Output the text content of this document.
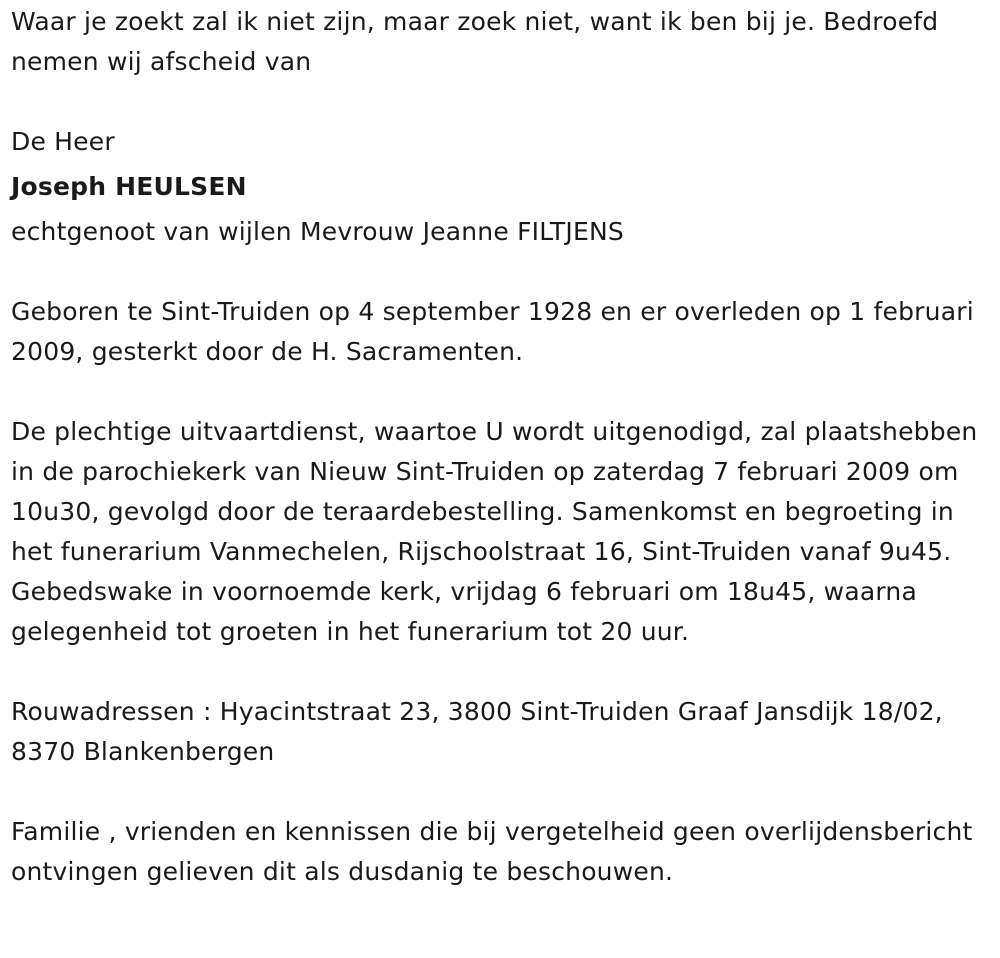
Waar je zoekt zal ik niet zijn, maar zoek niet, want ik ben bij je. Bedroefd nemen wij afscheid van

De Heer

Joseph HEULSEN

echtgenoot van wijlen Mevrouw Jeanne FILTJENS

Geboren te Sint-Truiden op 4 september 1928 en er overleden op 1 februari 2009, gesterkt door de H. Sacramenten.

De plechtige uitvaartdienst, waartoe U wordt uitgenodigd, zal plaatshebben in de parochiekerk van Nieuw Sint-Truiden op zaterdag 7 februari 2009 om 10u30, gevolgd door de teraardebestelling. Samenkomst en begroeting in het funerarium Vanmechelen, Rijschoolstraat 16, Sint-Truiden vanaf 9u45. Gebedswake in voornoemde kerk, vrijdag 6 februari om 18u45, waarna gelegenheid tot groeten in het funerarium tot 20 uur.

Rouwadressen : Hyacintstraat 23, 3800 Sint-Truiden Graaf Jansdijk 18/02, 8370 Blankenbergen

Familie , vrienden en kennissen die bij vergetelheid geen overlijdensbericht ontvingen gelieven dit als dusdanig te beschouwen.
